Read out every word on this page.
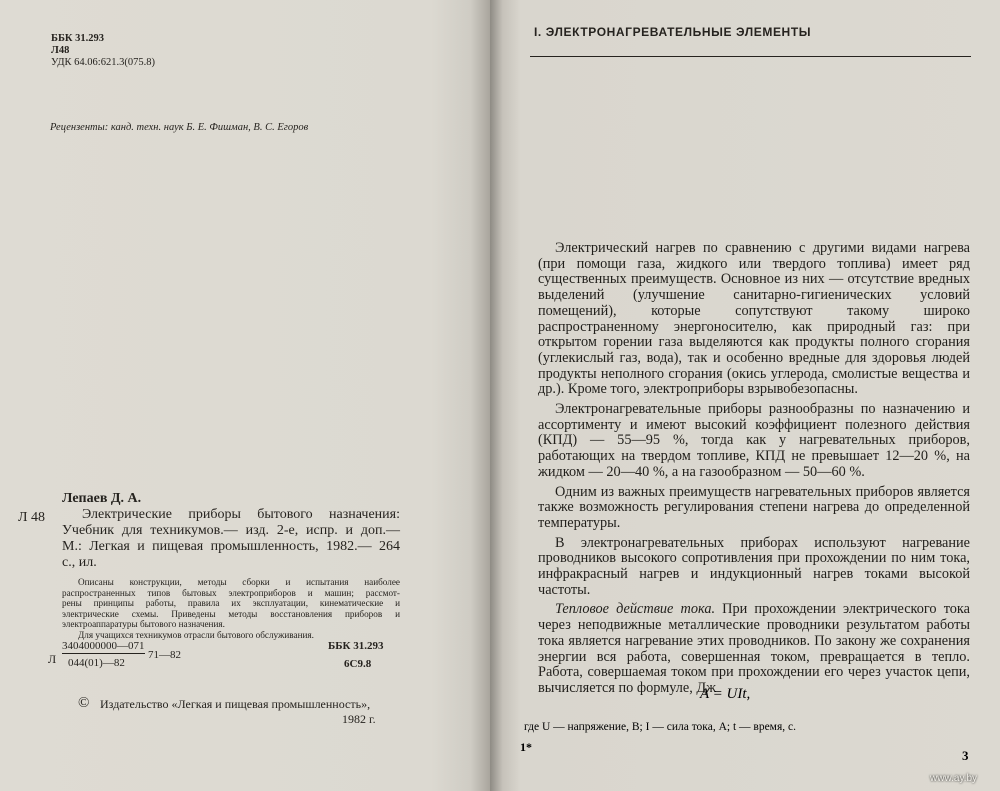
ББК 31.293
Л48
УДК 64.06:621.3(075.8)
Рецензенты: канд. техн. наук Б. Е. Фишман, В. С. Егоров
Л 48
Лепаев Д. А.
Электрические приборы бытового назначения:
Учебник для техникумов.— изд. 2-е, испр. и доп.—
М.: Легкая и пищевая промышленность, 1982.— 264
с., ил.
Описаны конструкции, методы сборки и испытания наиболее
распространенных типов бытовых электроприборов и машин; рассмот-
рены принципы работы, правила их эксплуатации, кинематические и
электрические схемы. Приведены методы восстановления приборов и
электроаппаратуры бытового назначения.
Для учащихся техникумов отрасли бытового обслуживания.
Л
3404000000—071
044(01)—82
71—82
ББК 31.293
6С9.8
© Издательство «Легкая и пищевая промышленность»,
1982 г.
I. ЭЛЕКТРОНАГРЕВАТЕЛЬНЫЕ ЭЛЕМЕНТЫ

Электрический нагрев по сравнению с другими видами нагрева (при помощи газа, жидкого или твердого топлива) имеет ряд существенных преимуществ. Основное из них — отсутствие вредных выделений (улучшение санитарно-гигиенических условий помещений), которые сопутствуют такому широко распространенному энергоносителю, как природный газ: при открытом горении газа выделяются как продукты полного сгорания (углекислый газ, вода), так и особенно вредные для здоровья людей продукты неполного сгорания (окись углерода, смолистые вещества и др.). Кроме того, электроприборы взрывобезопасны.

Электронагревательные приборы разнообразны по назначению и ассортименту и имеют высокий коэффициент полезного действия (КПД) — 55—95 %, тогда как у нагревательных приборов, работающих на твердом топливе, КПД не превышает 12—20 %, на жидком — 20—40 %, а на газообразном — 50—60 %.

Одним из важных преимуществ нагревательных приборов является также возможность регулирования степени нагрева до определенной температуры.

В электронагревательных приборах используют нагревание проводников высокого сопротивления при прохождении по ним тока, инфракрасный нагрев и индукционный нагрев токами высокой частоты.

Тепловое действие тока. При прохождении электрического тока через неподвижные металлические проводники результатом работы тока является нагревание этих проводников. По закону же сохранения энергии вся работа, совершенная током, превращается в тепло. Работа, совершаемая током при прохождении его через участок цепи, вычисляется по формуле, Дж

A = UIt,
где U — напряжение, В; I — сила тока, А; t — время, с.
1*
3
www.ay.by
